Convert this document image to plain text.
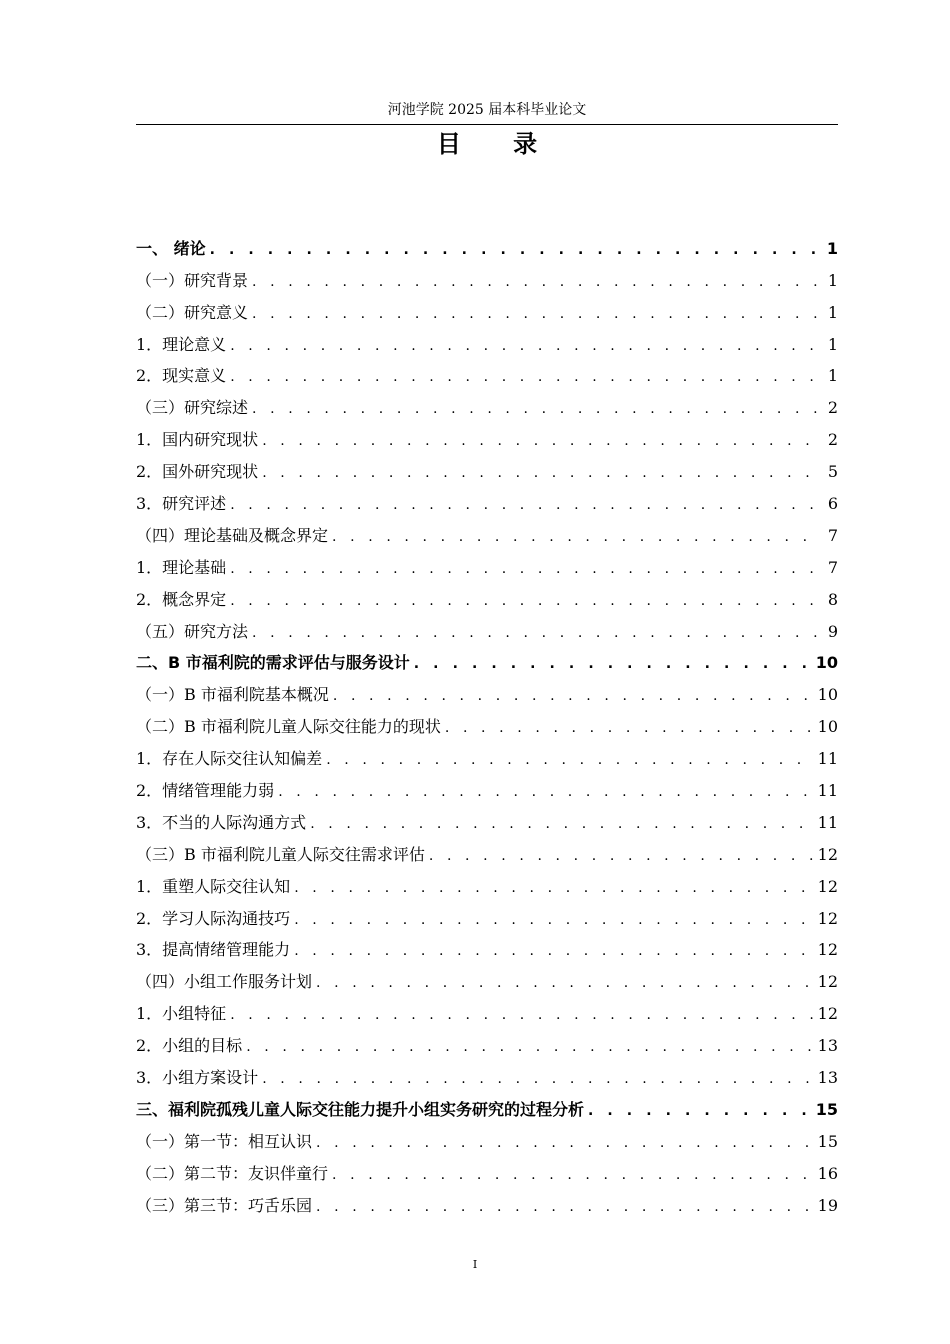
河池学院 2025 届本科毕业论文
目 录
一、 绪论 . . .	1
（一）研究背景 . . .	1
（二）研究意义 . . .	1
1．理论意义 . . .	1
2．现实意义 . . .	1
（三）研究综述 . . .	2
1．国内研究现状 . . .	2
2．国外研究现状 . . .	5
3．研究评述 . . .	6
（四）理论基础及概念界定 . . .	7
1．理论基础 . . .	7
2．概念界定 . . .	8
（五）研究方法 . . .	9
二、B 市福利院的需求评估与服务设计 . . .	10
（一）B 市福利院基本概况 . . .	10
（二）B 市福利院儿童人际交往能力的现状 . . .	10
1．存在人际交往认知偏差 . . .	11
2．情绪管理能力弱 . . .	11
3．不当的人际沟通方式 . . .	11
（三）B 市福利院儿童人际交往需求评估 . . .	12
1．重塑人际交往认知 . . .	12
2．学习人际沟通技巧 . . .	12
3．提高情绪管理能力 . . .	12
（四）小组工作服务计划 . . .	12
1．小组特征 . . .	12
2．小组的目标 . . .	13
3．小组方案设计 . . .	13
三、福利院孤残儿童人际交往能力提升小组实务研究的过程分析 . . .	15
（一）第一节：相互认识 . . .	15
（二）第二节：友识伴童行 . . .	16
（三）第三节：巧舌乐园 . . .	19
I
